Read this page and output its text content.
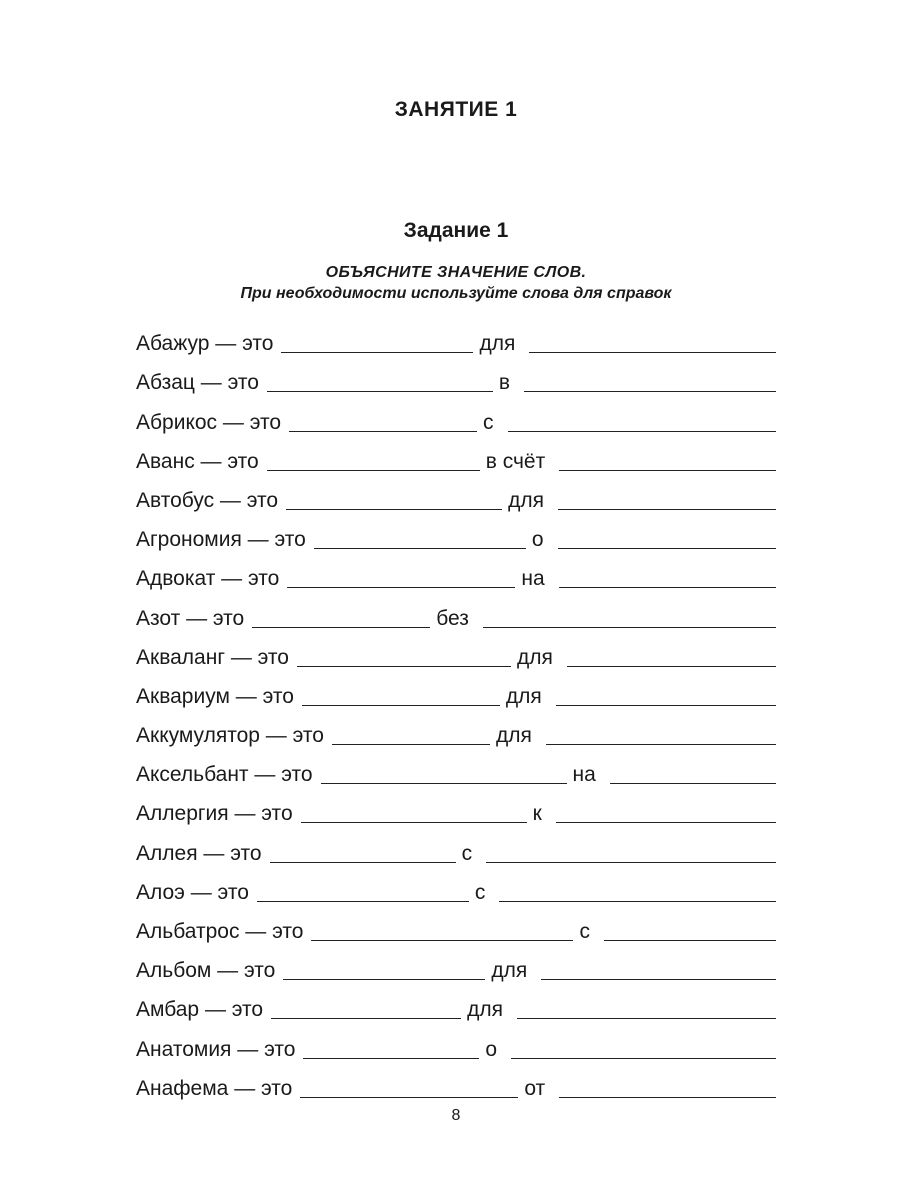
ЗАНЯТИЕ 1
Задание 1
ОБЪЯСНИТЕ ЗНАЧЕНИЕ СЛОВ.
При необходимости используйте слова для справок
Абажур — это	для
Абзац — это	в
Абрикос — это	с
Аванс — это	в счёт
Автобус — это	для
Агрономия — это	о
Адвокат — это	на
Азот — это	без
Акваланг — это	для
Аквариум — это	для
Аккумулятор — это	для
Аксельбант — это	на
Аллергия — это	к
Аллея — это	с
Алоэ — это	с
Альбатрос — это	с
Альбом — это	для
Амбар — это	для
Анатомия — это	о
Анафема — это	от
8
